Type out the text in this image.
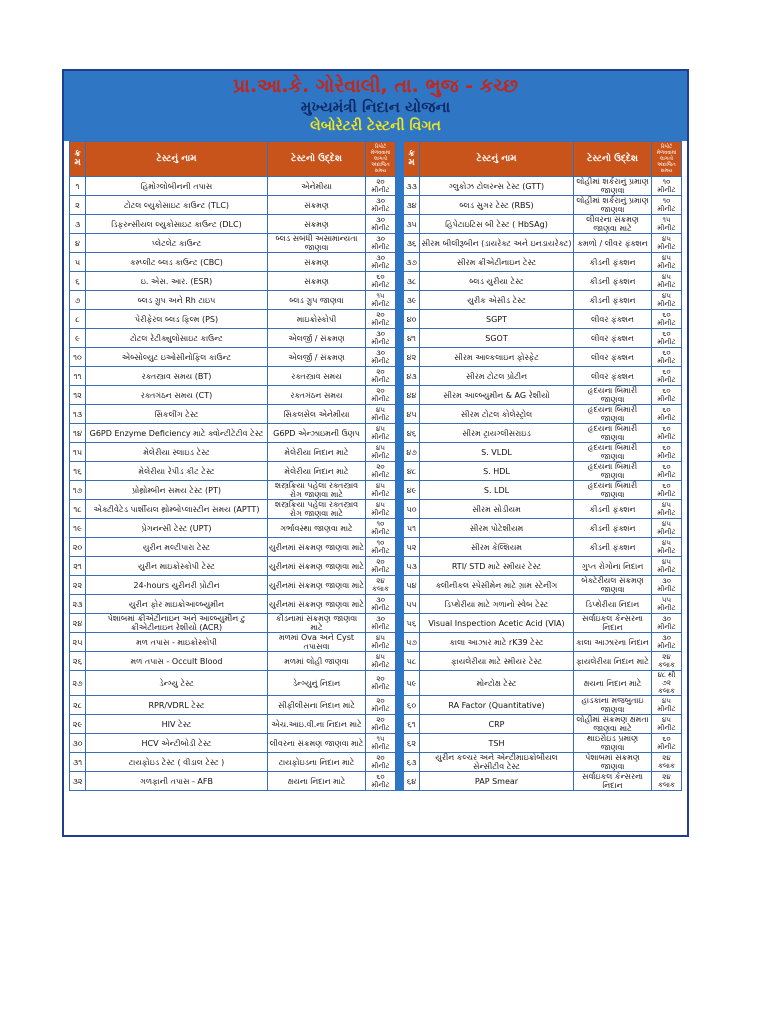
પ્રા.આ.કે. ગોરેવાલી, તા. ભુજ - કચ્છ
મુખ્યમંત્રી નિદાન યોજના
લેબોરેટરી ટેસ્ટની વિગત
ક્ર મ	ટેસ્ટનું નામ	ટેસ્ટનો ઉદ્દેશ	રિપોર્ટ મેળવવામાં લાગતો અંદાજિત સમય		ક્ર મ	ટેસ્ટનું નામ	ટેસ્ટનો ઉદ્દેશ	રિપોર્ટ મેળવવામાં લાગતો અંદાજિત સમય
૧	હિમોગ્લોબીનની તપાસ	એનેમીયા	૨૦ મીનીટ		૩૩	ગ્લુકોઝ ટોલરન્સ ટેસ્ટ (GTT)	લોહીમાં શર્કરાનું પ્રમાણ જાણવા	૧૦ મીનીટ
૨	ટોટલ લ્યુકોસાઇટ કાઉન્ટ (TLC)	સંક્રમણ	૩૦ મીનીટ		૩૪	બ્લડ સુગર ટેસ્ટ (RBS)	લોહીમાં શર્કરાનું પ્રમાણ જાણવા	૧૦ મીનીટ
૩	ડિફરન્સીયલ લ્યુકોસાઇટ કાઉન્ટ (DLC)	સંક્રમણ	૩૦ મીનીટ		૩૫	હિપેટાઇટિસ બી ટેસ્ટ ( HbSAg)	લીવરના સંક્રમણ જાણવા માટે	૧૫ મીનીટ
૪	પ્લેટલેટ કાઉન્ટ	બ્લડ સબંધી અસામાન્યતા જાણવા	૩૦ મીનીટ		૩૬	સીરમ બીલીરૂબીન (ડાયરેક્ટ અને ઇનડાયરેક્ટ)	કમળો / લીવર ફંક્શન	૪૫ મીનીટ
૫	કમ્પ્લીટ બ્લડ કાઉન્ટ (CBC)	સંક્રમણ	૩૦ મીનીટ		૩૭	સીરમ ક્રીએટીનાઇન ટેસ્ટ	કીડની ફંક્શન	૪૫ મીનીટ
૬	ઇ. એસ. આર. (ESR)	સંક્રમણ	૬૦ મીનીટ		૩૮	બ્લડ યુરીયા ટેસ્ટ	કીડની ફંક્શન	૪૫ મીનીટ
૭	બ્લડ ગ્રુપ અને Rh ટાઇપ	બ્લડ ગ્રુપ જાણવા	૧૫ મીનીટ		૩૯	યુરીક એસીડ ટેસ્ટ	કીડની ફંક્શન	૪૫ મીનીટ
૮	પેરીફેરલ બ્લડ ફિલ્મ (PS)	માઇક્રોસ્કોપી	૨૦ મીનીટ		૪૦	SGPT	લીવર ફંક્શન	૬૦ મીનીટ
૯	ટોટલ રેટીક્યુલોસાઇટ કાઉન્ટ	એલર્જી / સંક્રમણ	૩૦ મીનીટ		૪૧	SGOT	લીવર ફંક્શન	૬૦ મીનીટ
૧૦	એબ્સોલ્યુટ ઇઓસીનોફિલ કાઉન્ટ	એલર્જી / સંક્રમણ	૩૦ મીનીટ		૪૨	સીરમ આલ્કલાઇન ફોસ્ફેટ	લીવર ફંક્શન	૬૦ મીનીટ
૧૧	રક્તસ્ત્રાવ સમય (BT)	રક્તસ્ત્રાવ સમય	૨૦ મીનીટ		૪૩	સીરમ ટોટલ પ્રોટીન	લીવર ફંક્શન	૬૦ મીનીટ
૧૨	રક્તગંઠન સમય (CT)	રક્તગંઠન સમય	૨૦ મીનીટ		૪૪	સીરમ આલ્બ્યુમીન & AG રેશીયો	હૃદયના બિમારી જાણવા	૬૦ મીનીટ
૧૩	સિકલીંગ ટેસ્ટ	સિકલસેલ એનેમીયા	૪૫ મીનીટ		૪૫	સીરમ ટોટલ કોલેસ્ટ્રોલ	હૃદયના બિમારી જાણવા	૬૦ મીનીટ
૧૪	G6PD Enzyme Deficiency માટે ક્વોન્ટીટેટીવ ટેસ્ટ	G6PD એન્ઝાઇમની ઉણપ	૪૫ મીનીટ		૪૬	સીરમ ટ્રાયગ્લીસરાઇડ	હૃદયના બિમારી જાણવા	૬૦ મીનીટ
૧૫	મેલેરીયા સ્લાઇડ ટેસ્ટ	મેલેરીયા નિદાન માટે	૪૫ મીનીટ		૪૭	S. VLDL	હૃદયના બિમારી જાણવા	૬૦ મીનીટ
૧૬	મેલેરીયા રેપીડ કીટ ટેસ્ટ	મેલેરીયા નિદાન માટે	૨૦ મીનીટ		૪૮	S. HDL	હૃદયના બિમારી જાણવા	૬૦ મીનીટ
૧૭	પ્રોથ્રોમ્બીન સમય ટેસ્ટ (PT)	શસ્ત્રક્રિયા પહેલા રક્તસ્ત્રાવ રોગ જાણવા માટે	૪૫ મીનીટ		૪૯	S. LDL	હૃદયના બિમારી જાણવા	૬૦ મીનીટ
૧૮	એક્ટીવેટેડ પાર્શીયલ થ્રોમ્બોપ્લાસ્ટીન સમય (APTT)	શસ્ત્રક્રિયા પહેલા રક્તસ્ત્રાવ રોગ જાણવા માટે	૪૫ મીનીટ		૫૦	સીરમ સોડીયમ	કીડની ફંક્શન	૪૫ મીનીટ
૧૯	પ્રેગનન્સી ટેસ્ટ (UPT)	ગર્ભાવસ્થા જાણવા માટે	૧૦ મીનીટ		૫૧	સીરમ પોટેશીયમ	કીડની ફંક્શન	૪૫ મીનીટ
૨૦	યુરીન મલ્ટીપારા ટેસ્ટ	યુરીનમાં સંક્રમણ જાણવા માટે	૧૦ મીનીટ		૫૨	સીરમ કેલ્શિયમ	કીડની ફંક્શન	૪૫ મીનીટ
૨૧	યુરીન માઇક્રોસ્કોપી ટેસ્ટ	યુરીનમાં સંક્રમણ જાણવા માટે	૨૦ મીનીટ		૫૩	RTI/ STD માટે સ્મીયર ટેસ્ટ	ગુપ્ત રોગોના નિદાન	૪૫ મીનીટ
૨૨	24-hours યુરીનરી પ્રોટીન	યુરીનમાં સંક્રમણ જાણવા માટે	૨૪ કલાક		૫૪	ક્લીનીકલ સ્પેસીમેન માટે ગ્રામ સ્ટેનીંગ	બેક્ટેરીયલ સંક્રમણ જાણવા	૩૦ મીનીટ
૨૩	યુરીન ફોર માઇક્રોઆલ્બ્યુમીન	યુરીનમાં સંક્રમણ જાણવા માટે	૩૦ મીનીટ		૫૫	ડિપ્થેરીયા માટે ગળાનો સ્વેબ ટેસ્ટ	ડિપ્થેરીયા નિદાન	૫૫ મીનીટ
૨૪	પેશાબમાં ક્રીએટીનાઇન અને આલ્બ્યુમીન ટુ ક્રીએટીનાઇન રેશીયો (ACR)	કીડનામાં સંક્રમણ જાણવા માટે	૩૦ મીનીટ		૫૬	Visual Inspection Acetic Acid (VIA)	સર્વાઇકલ કેન્સરના નિદાન	૩૦ મીનીટ
૨૫	મળ તપાસ - માઇક્રોસ્કોપી	મળમાં Ova અને Cyst તપાસવા	૪૫ મીનીટ		૫૭	કાલા આઝાર માટે rK39 ટેસ્ટ	કાલા આઝારના નિદાન	૩૦ મીનીટ
૨૬	મળ તપાસ - Occult Blood	મળમાં લોહી જાણવા	૪૫ મીનીટ		૫૮	ફાયલેરીયા માટે સ્મીયર ટેસ્ટ	ફાયલેરીયા નિદાન માટે	૨૪ કલાક
૨૭	ડેન્ગ્યુ ટેસ્ટ	ડેન્ગ્યુનું નિદાન	૨૦ મીનીટ		૫૯	મોન્ટોક્ષ ટેસ્ટ	ક્ષયના નિદાન માટે	૪૮ થી ૭૨ કલાક
૨૮	RPR/VDRL ટેસ્ટ	સીફીલીસના નિદાન માટે	૨૦ મીનીટ		૬૦	RA Factor (Quantitative)	હાડકાના મજબુતાઇ જાણવા	૪૫ મીનીટ
૨૯	HIV ટેસ્ટ	એચ.આઇ.વી.ના નિદાન માટે	૨૦ મીનીટ		૬૧	CRP	લોહીમાં સંક્રમણ ક્ષમતા જાણવા માટે	૪૫ મીનીટ
૩૦	HCV એન્ટીબોડી ટેસ્ટ	લીવરના સંક્રમણ જાણવા માટે	૧૫ મીનીટ		૬૨	TSH	થાઇરોઇડ પ્રમાણ જાણવા	૬૦ મીનીટ
૩૧	ટાયફોઇડ ટેસ્ટ ( વીડાલ ટેસ્ટ )	ટાયફોઇડના નિદાન માટે	૨૦ મીનીટ		૬૩	યુરીન કલ્ચર અને એન્ટીમાઇક્રોબીયલ સેન્સીટીવ ટેસ્ટ	પેશાબમાં સંક્રમણ જાણવા	૨૪ કલાક
૩૨	ગળફાની તપાસ - AFB	ક્ષયના નિદાન માટે	૬૦ મીનીટ		૬૪	PAP Smear	સર્વાઇકલ કેન્સરના નિદાન	૨૪ કલાક
